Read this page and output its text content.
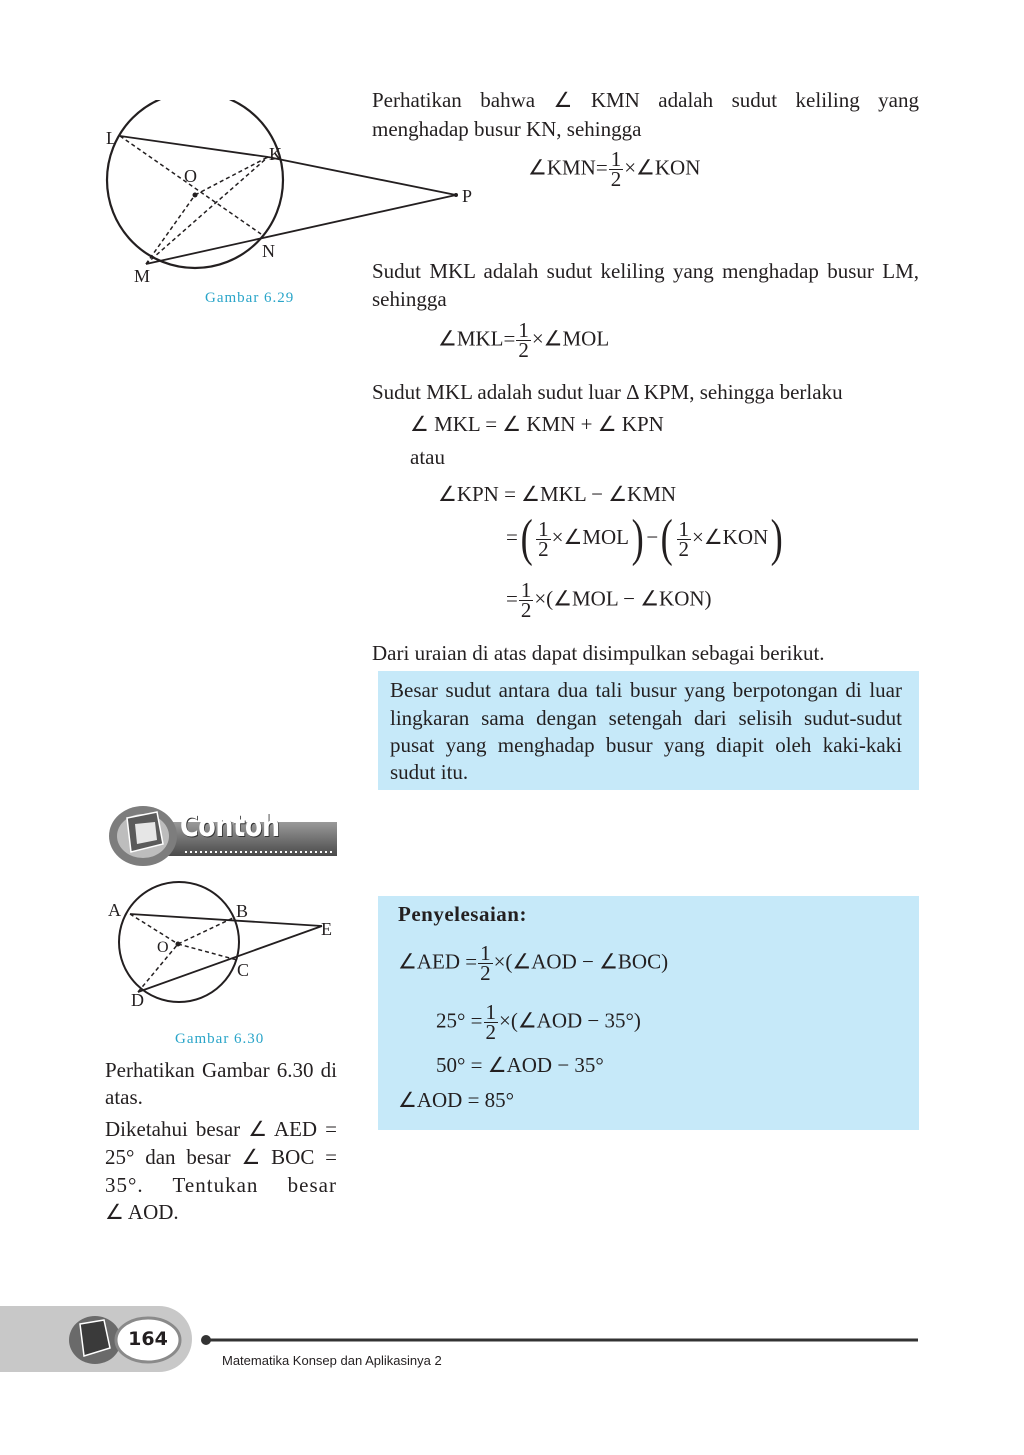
L
K
O
P
N
M
Gambar 6.29
Perhatikan bahwa ∠ KMN adalah sudut keliling yang
menghadap busur KN, sehingga
∠KMN= $\frac{1}{2}$ ×∠KON
Sudut MKL adalah sudut keliling yang menghadap busur LM,
sehingga
∠MKL= $\frac{1}{2}$ ×∠MOL
Sudut MKL adalah sudut luar Δ KPM, sehingga berlaku
∠ MKL = ∠ KMN + ∠ KPN
atau
∠KPN = ∠MKL − ∠KMN
=( $\frac{1}{2}$ ×∠MOL) −( $\frac{1}{2}$ ×∠KON)
= $\frac{1}{2}$ ×(∠MOL − ∠KON)
Dari uraian di atas dapat disimpulkan sebagai berikut.
Besar sudut antara dua tali busur yang berpotongan di luar
lingkaran sama dengan setengah dari selisih sudut-sudut
pusat yang menghadap busur yang diapit oleh kaki-kaki
sudut itu.
Contoh
A	B
E
O
C
D
Gambar 6.30
Perhatikan Gambar 6.30 di
atas.
Diketahui besar ∠ AED =
25° dan besar ∠ BOC =
35°. Tentukan besar
∠ AOD.
Penyelesaian:
∠AED = $\frac{1}{2}$ ×(∠AOD − ∠BOC)
$25^\circ = \frac{1}{2}$ ×(∠AOD − 35°)
50° = ∠AOD − 35°
∠AOD = 85°
164
Matematika Konsep dan Aplikasinya 2
